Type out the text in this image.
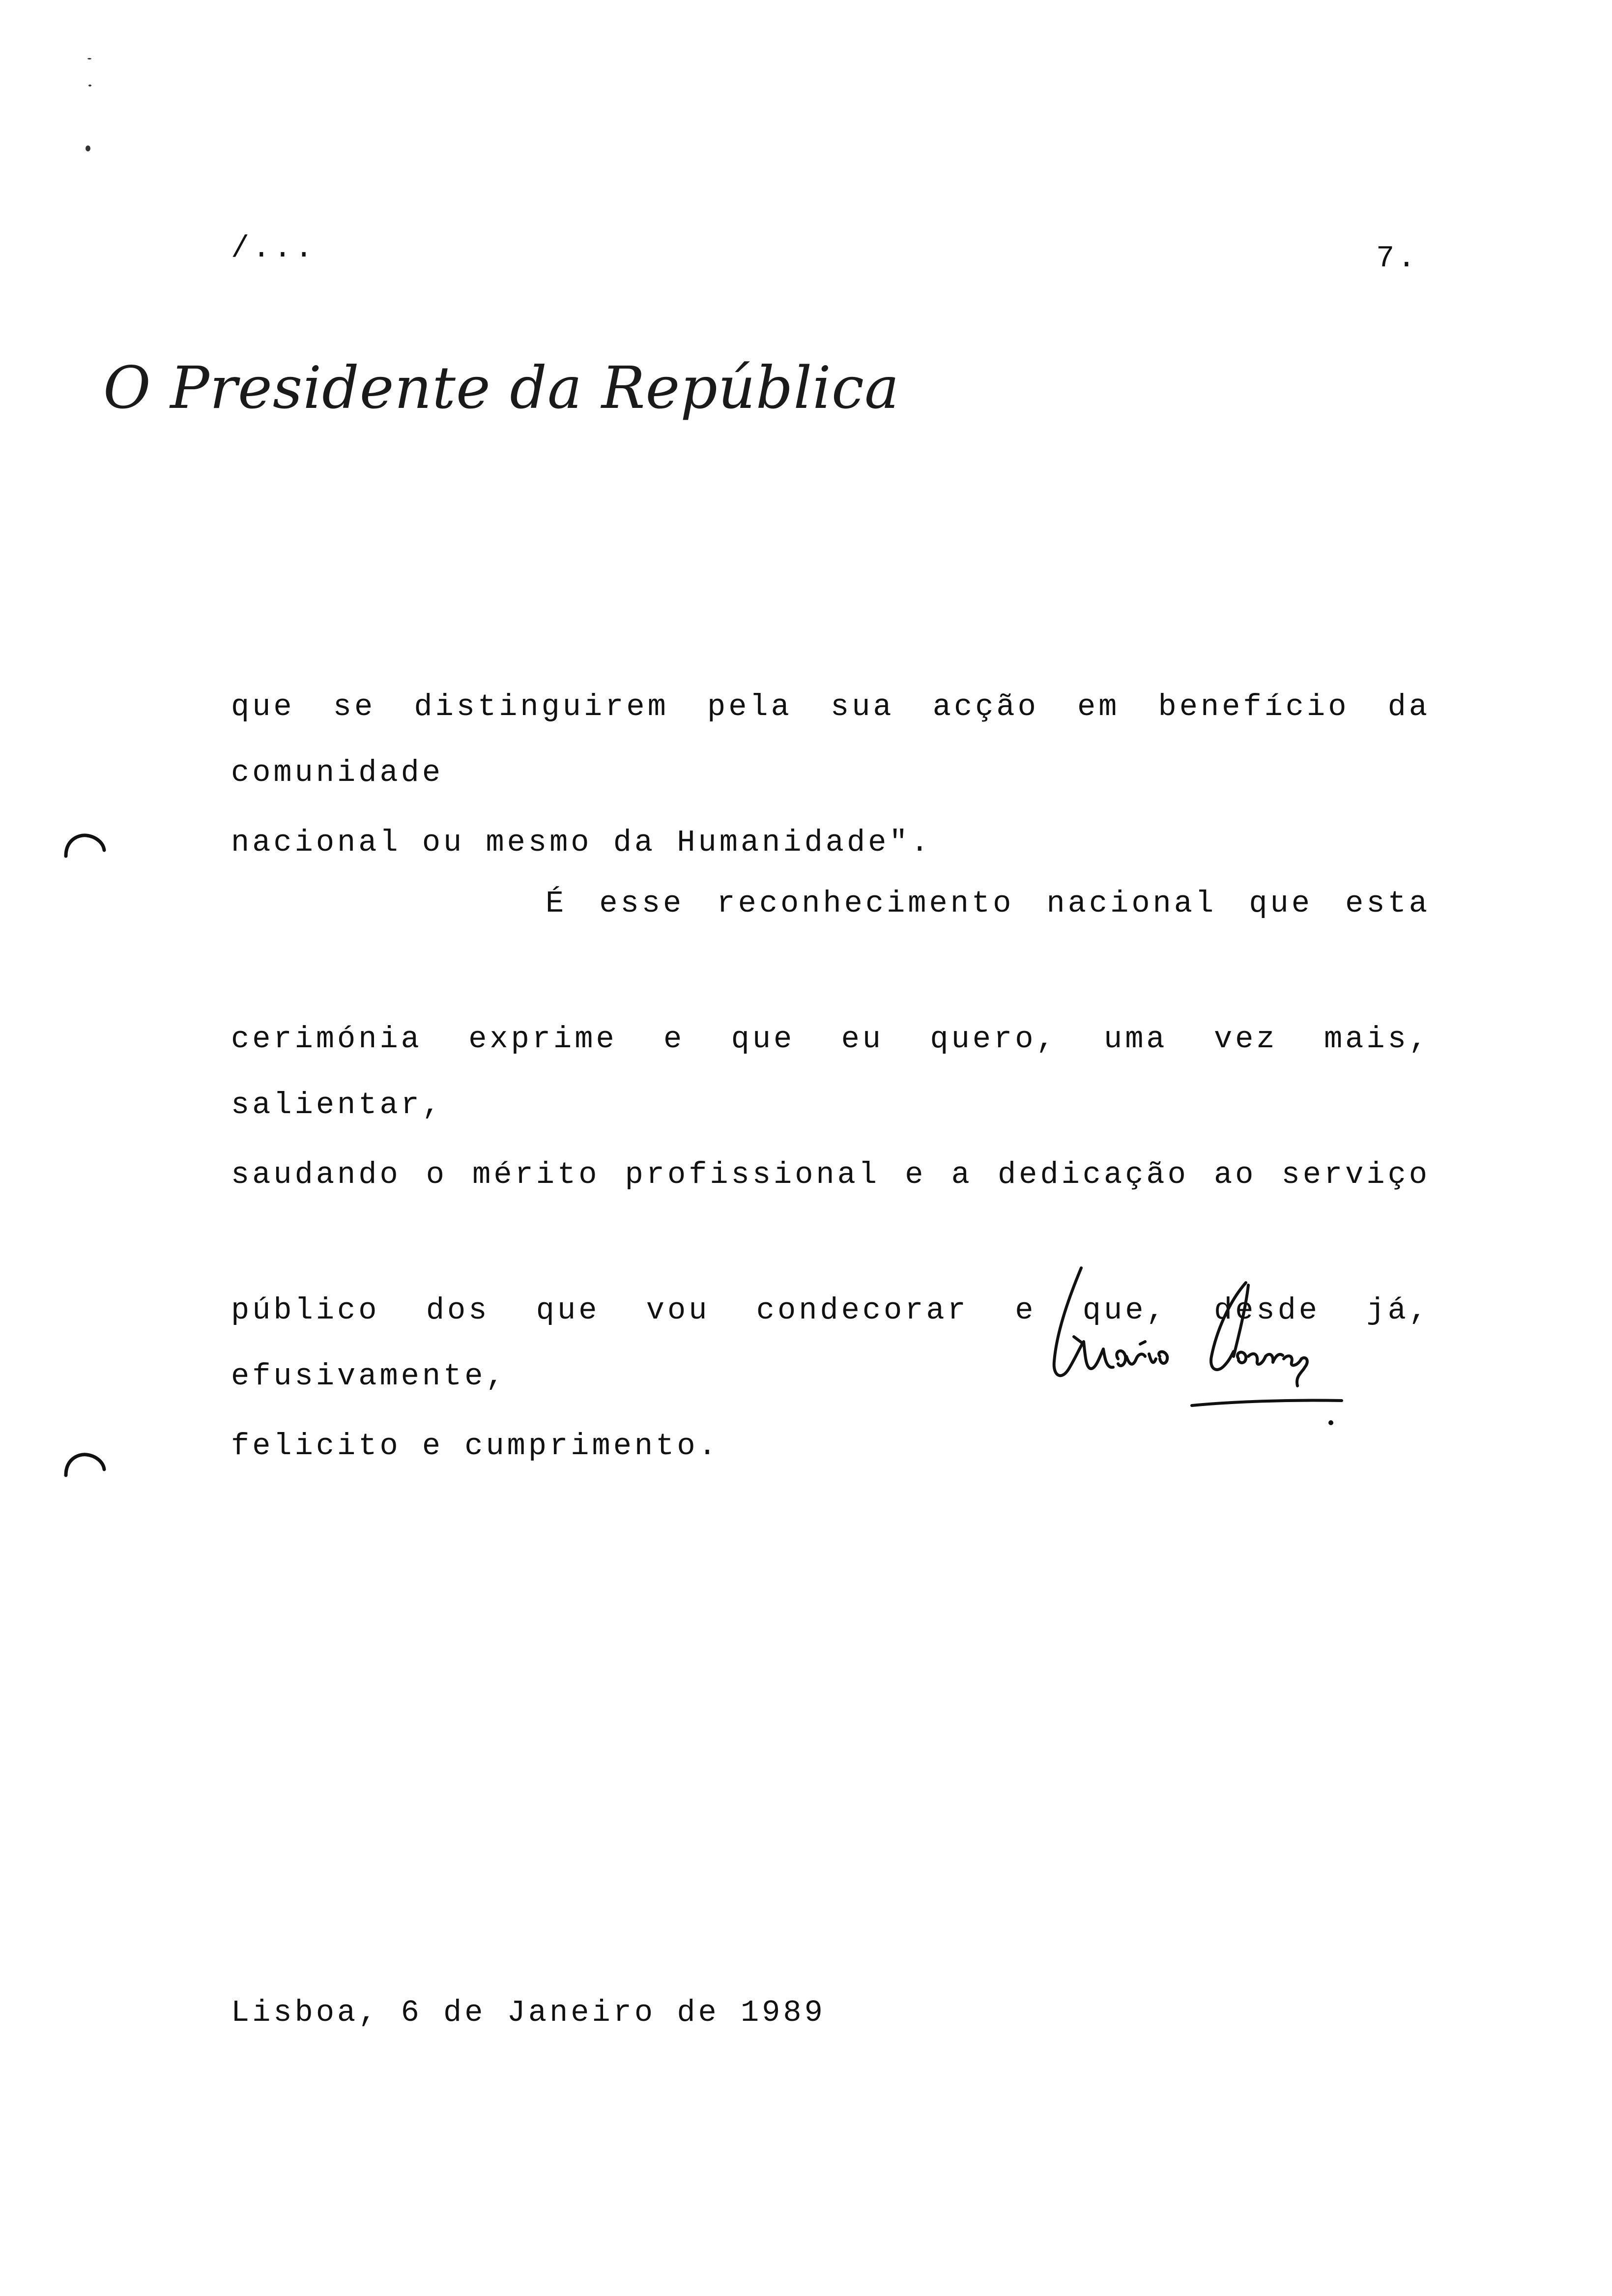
/...	7.
O Presidente da República

que se distinguirem pela sua acção em benefício da comunidade

nacional ou mesmo da Humanidade".

É esse reconhecimento nacional que esta

cerimónia exprime e que eu quero, uma vez mais, salientar,

saudando o mérito profissional e a dedicação ao serviço

público dos que vou condecorar e que, desde já, efusivamente,

felicito e cumprimento.

Lisboa, 6 de Janeiro de 1989
